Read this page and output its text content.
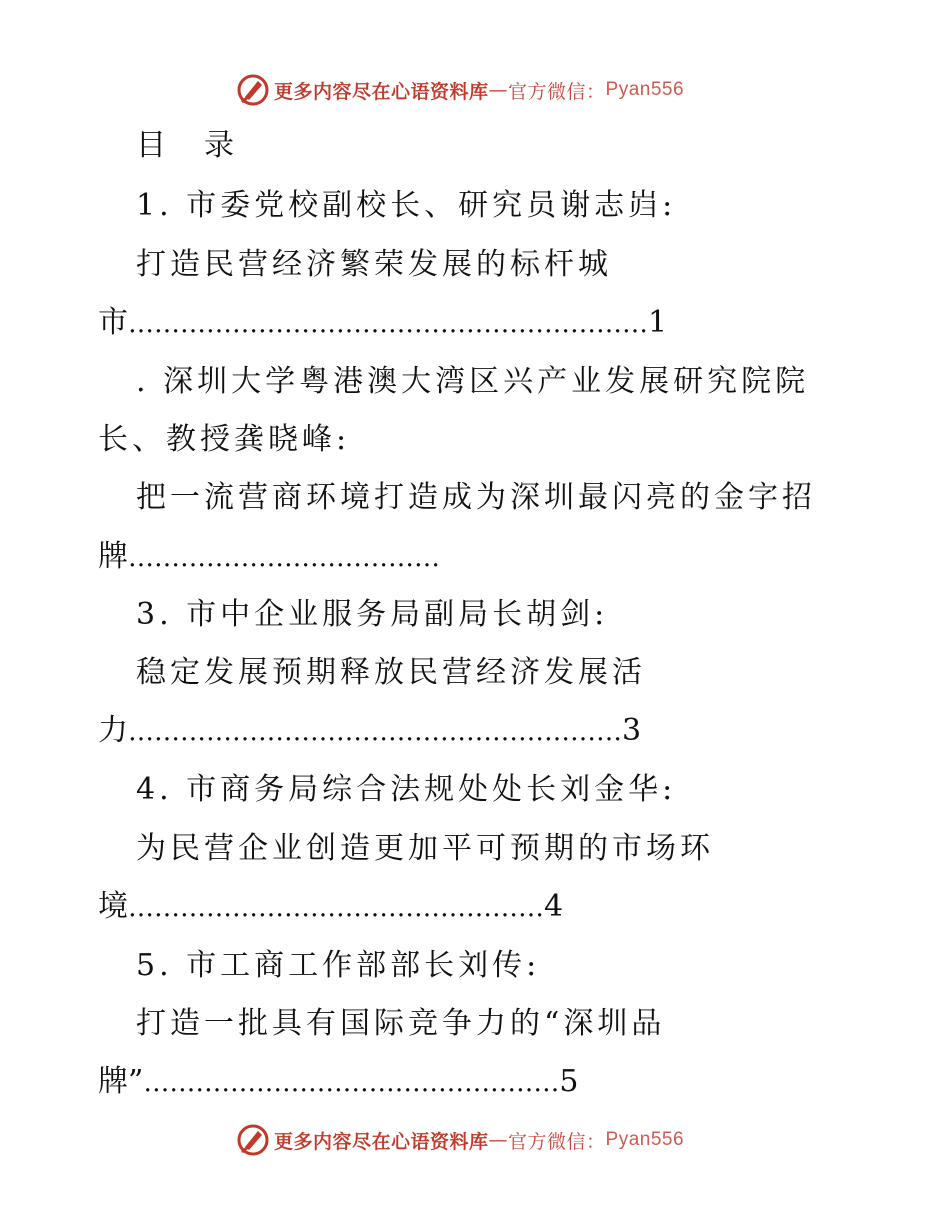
更多内容尽在心语资料库 — 官方微信： Pyan556
目　录
1. 市委党校副校长、研究员谢志岿:
打造民营经济繁荣发展的标杆城
市……………………………………………………1
. 深圳大学粤港澳大湾区兴产业发展研究院院
长、教授龚晓峰:
把一流营商环境打造成为深圳最闪亮的金字招
牌………………………………
3. 市中企业服务局副局长胡剑:
稳定发展预期释放民营经济发展活
力…………………………………………………3
4. 市商务局综合法规处处长刘金华:
为民营企业创造更加平可预期的市场环
境…………………………………………4
5. 市工商工作部部长刘传:
打造一批具有国际竞争力的“深圳品
牌”…………………………………………5
更多内容尽在心语资料库 — 官方微信： Pyan556
